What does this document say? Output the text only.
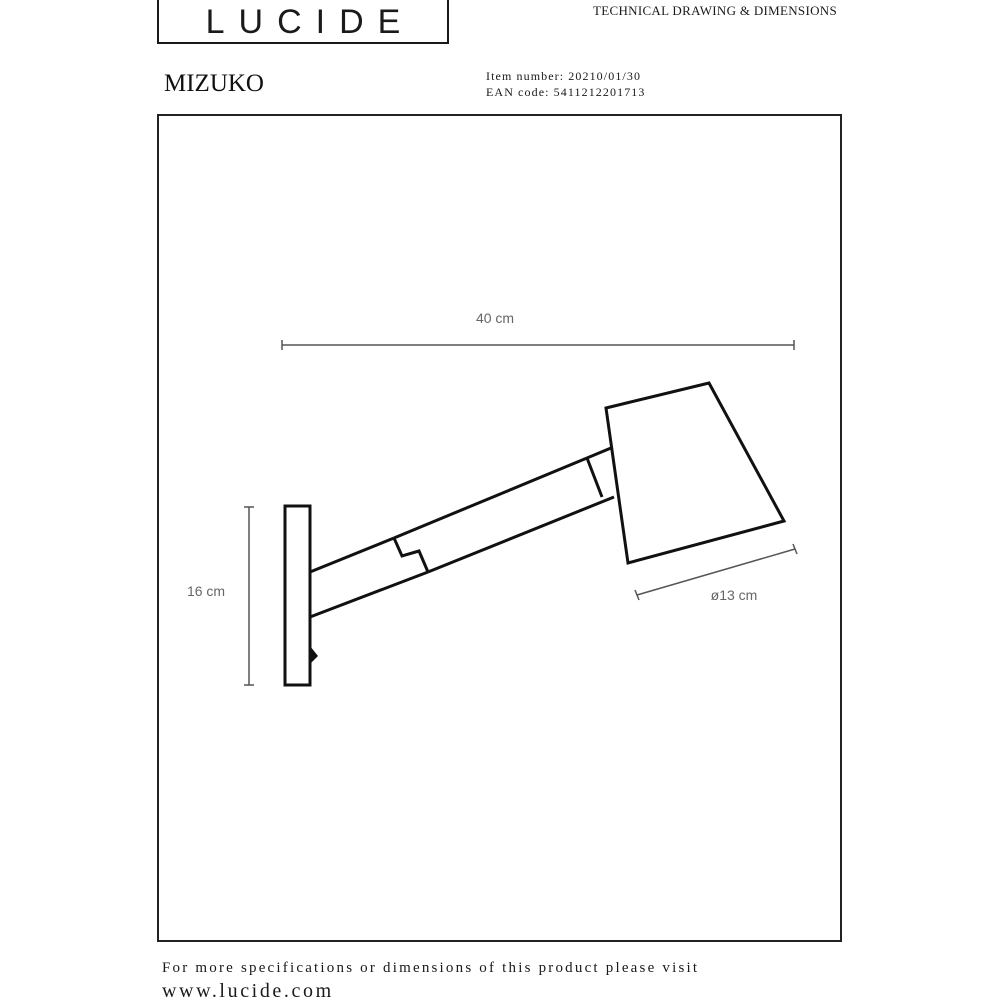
LUCIDE	TECHNICAL DRAWING & DIMENSIONS
MIZUKO	Item number: 20210/01/30
EAN code: 5411212201713
40 cm
16 cm	ø13 cm
For more specifications or dimensions of this product please visit
www.lucide.com
